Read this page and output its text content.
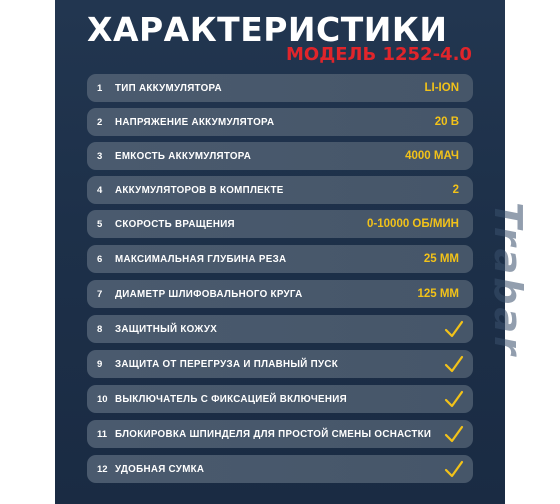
Trabar
ХАРАКТЕРИСТИКИ
МОДЕЛЬ 1252-4.0
1	ТИП АККУМУЛЯТОРА	LI-ION
2	НАПРЯЖЕНИЕ АККУМУЛЯТОРА	20 В
3	ЕМКОСТЬ АККУМУЛЯТОРА	4000 МАЧ
4	АККУМУЛЯТОРОВ В КОМПЛЕКТЕ	2
5	СКОРОСТЬ ВРАЩЕНИЯ	0-10000 ОБ/МИН
6	МАКСИМАЛЬНАЯ ГЛУБИНА РЕЗА	25 ММ
7	ДИАМЕТР ШЛИФОВАЛЬНОГО КРУГА	125 ММ
8	ЗАЩИТНЫЙ КОЖУХ
9	ЗАЩИТА ОТ ПЕРЕГРУЗА И ПЛАВНЫЙ ПУСК
10 ВЫКЛЮЧАТЕЛЬ С ФИКСАЦИЕЙ ВКЛЮЧЕНИЯ
11 БЛОКИРОВКА ШПИНДЕЛЯ ДЛЯ ПРОСТОЙ СМЕНЫ ОСНАСТКИ
12 УДОБНАЯ СУМКА
